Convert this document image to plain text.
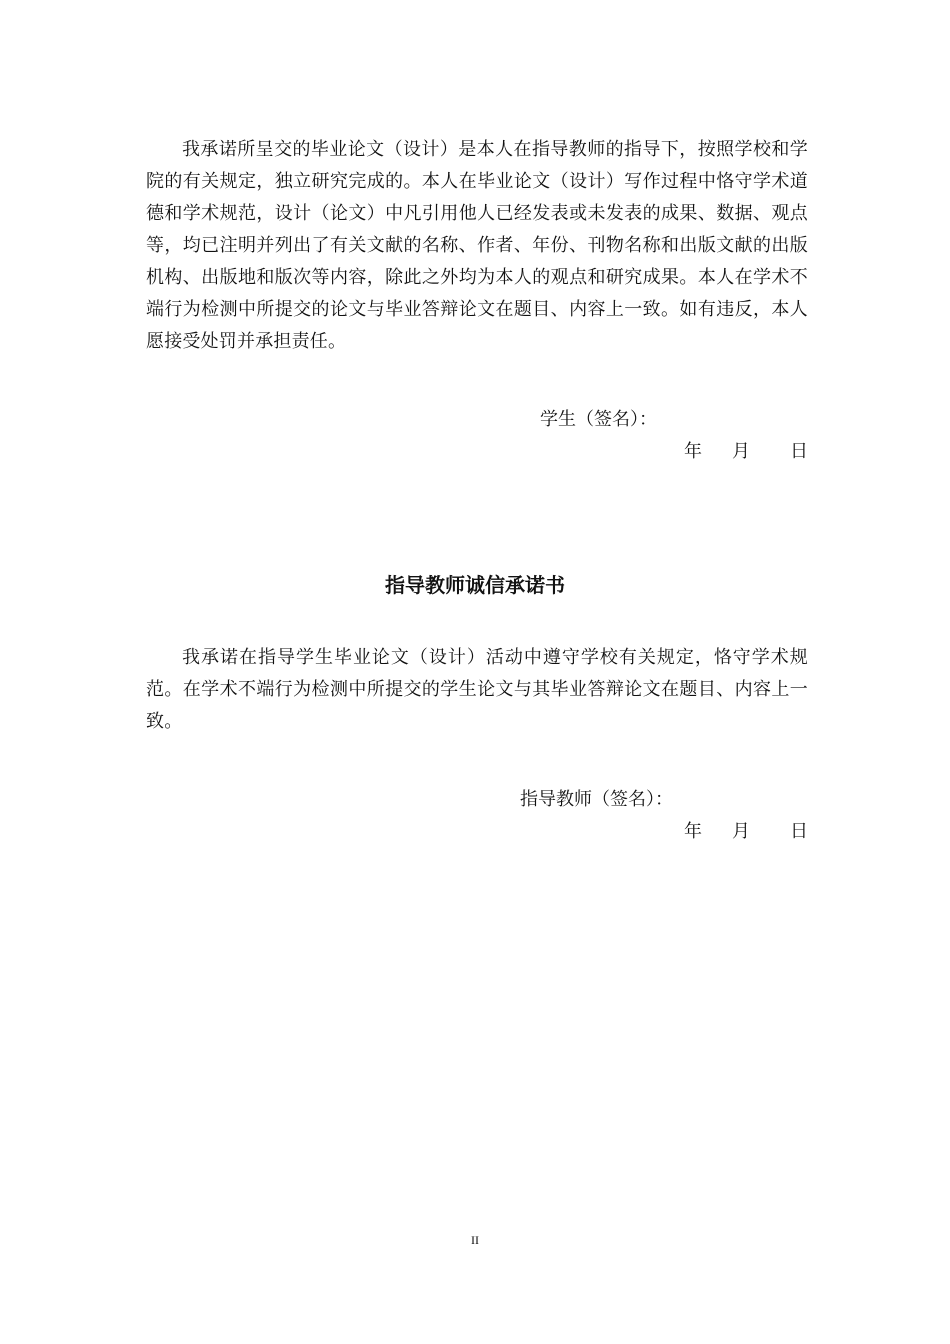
我承诺所呈交的毕业论文（设计）是本人在指导教师的指导下，按照学校和学院的有关规定，独立研究完成的。本人在毕业论文（设计）写作过程中恪守学术道德和学术规范，设计（论文）中凡引用他人已经发表或未发表的成果、数据、观点等，均已注明并列出了有关文献的名称、作者、年份、刊物名称和出版文献的出版机构、出版地和版次等内容，除此之外均为本人的观点和研究成果。本人在学术不端行为检测中所提交的论文与毕业答辩论文在题目、内容上一致。如有违反，本人愿接受处罚并承担责任。

学生（签名）：
年 月 日
指导教师诚信承诺书

我承诺在指导学生毕业论文（设计）活动中遵守学校有关规定，恪守学术规范。在学术不端行为检测中所提交的学生论文与其毕业答辩论文在题目、内容上一致。

指导教师（签名）：
年 月 日
II
